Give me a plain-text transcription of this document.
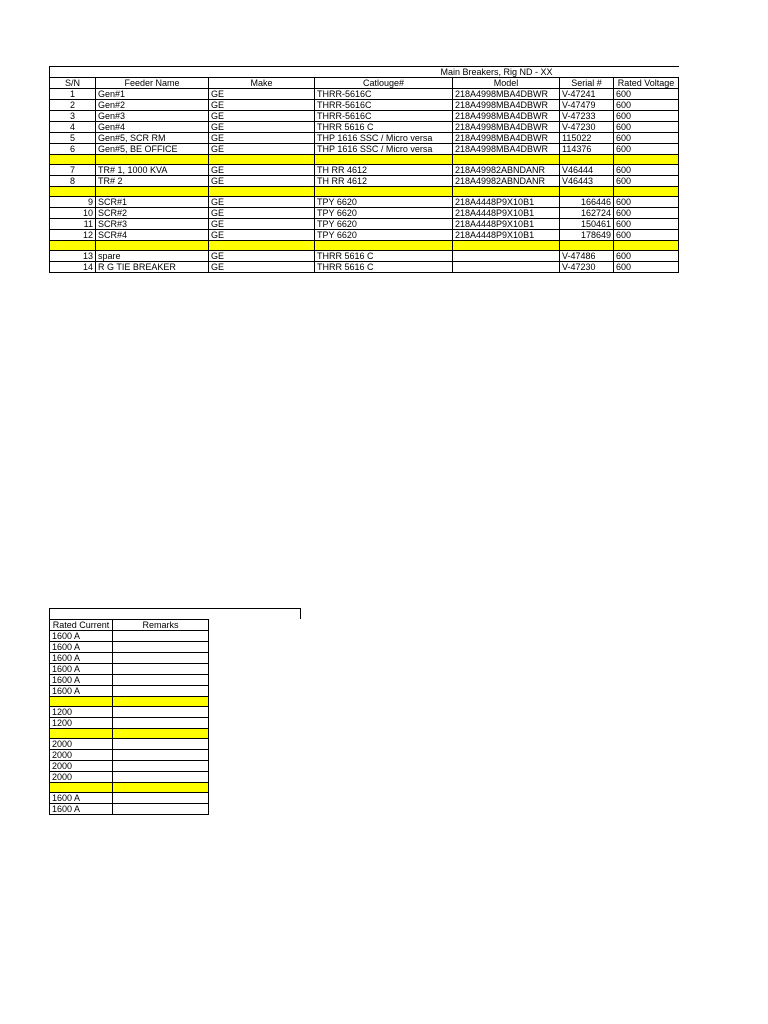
			Main Breakers, Rig ND - XX			
S/N	Feeder Name	Make	Catlouge#	Model	Serial #	Rated Voltage
1	Gen#1	GE	THRR-5616C	218A4998MBA4DBWR	V-47241	600
2	Gen#2	GE	THRR-5616C	218A4998MBA4DBWR	V-47479	600
3	Gen#3	GE	THRR-5616C	218A4998MBA4DBWR	V-47233	600
4	Gen#4	GE	THRR 5616 C	218A4998MBA4DBWR	V-47230	600
5	Gen#5, SCR RM	GE	THP 1616 SSC / Micro versa	218A4998MBA4DBWR	115022	600
6	Gen#5, BE OFFICE	GE	THP 1616 SSC / Micro versa	218A4998MBA4DBWR	114376	600

7	TR# 1, 1000 KVA	GE	TH RR 4612	218A49982ABNDANR	V46444	600
8	TR# 2	GE	TH RR 4612	218A49982ABNDANR	V46443	600

9	SCR#1	GE	TPY 6620	218A4448P9X10B1	166446	600
10	SCR#2	GE	TPY 6620	218A4448P9X10B1	162724	600
11	SCR#3	GE	TPY 6620	218A4448P9X10B1	150461	600
12	SCR#4	GE	TPY 6620	218A4448P9X10B1	178649	600

13	spare	GE	THRR 5616 C		V-47486	600
14	R G TIE BREAKER	GE	THRR 5616 C		V-47230	600
Rated Current	Remarks
1600 A	
1600 A	
1600 A	
1600 A	
1600 A	
1600 A	

1200	
1200	

2000	
2000	
2000	
2000	

1600 A	
1600 A	
